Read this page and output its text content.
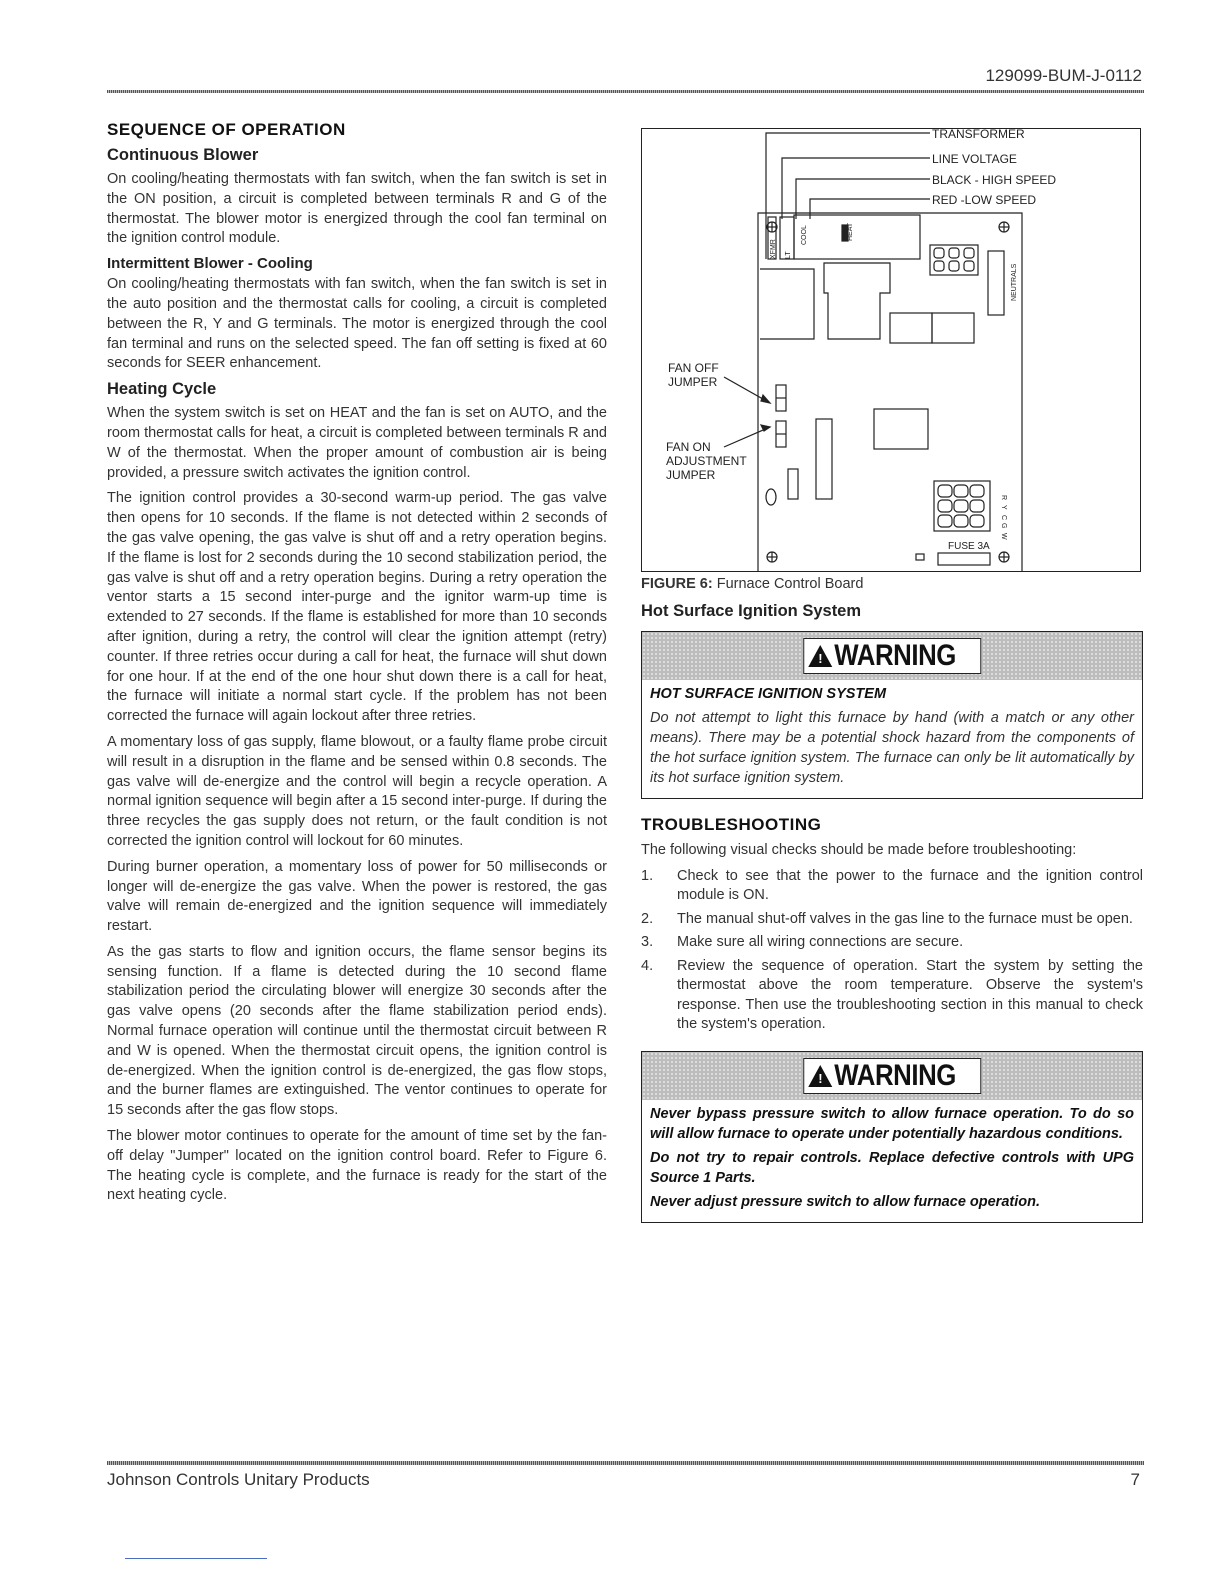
129099-BUM-J-0112
SEQUENCE OF OPERATION
Continuous Blower

On cooling/heating thermostats with fan switch, when the fan switch is set in the ON position, a circuit is completed between terminals R and G of the thermostat. The blower motor is energized through the cool fan terminal on the ignition control module.

Intermittent Blower - Cooling

On cooling/heating thermostats with fan switch, when the fan switch is set in the auto position and the thermostat calls for cooling, a circuit is completed between the R, Y and G terminals. The motor is energized through the cool fan terminal and runs on the selected speed. The fan off setting is fixed at 60 seconds for SEER enhancement.

Heating Cycle

When the system switch is set on HEAT and the fan is set on AUTO, and the room thermostat calls for heat, a circuit is completed between terminals R and W of the thermostat. When the proper amount of combustion air is being provided, a pressure switch activates the ignition control.

The ignition control provides a 30-second warm-up period. The gas valve then opens for 10 seconds. If the flame is not detected within 2 seconds of the gas valve opening, the gas valve is shut off and a retry operation begins. If the flame is lost for 2 seconds during the 10 second stabilization period, the gas valve is shut off and a retry operation begins. During a retry operation the ventor starts a 15 second inter-purge and the ignitor warm-up time is extended to 27 seconds. If the flame is established for more than 10 seconds after ignition, during a retry, the control will clear the ignition attempt (retry) counter. If three retries occur during a call for heat, the furnace will shut down for one hour. If at the end of the one hour shut down there is a call for heat, the furnace will initiate a normal start cycle. If the problem has not been corrected the furnace will again lockout after three retries.

A momentary loss of gas supply, flame blowout, or a faulty flame probe circuit will result in a disruption in the flame and be sensed within 0.8 seconds. The gas valve will de-energize and the control will begin a recycle operation. A normal ignition sequence will begin after a 15 second inter-purge. If during the three recycles the gas supply does not return, or the fault condition is not corrected the ignition control will lockout for 60 minutes.

During burner operation, a momentary loss of power for 50 milliseconds or longer will de-energize the gas valve. When the power is restored, the gas valve will remain de-energized and the ignition sequence will immediately restart.

As the gas starts to flow and ignition occurs, the flame sensor begins its sensing function. If a flame is detected during the 10 second flame stabilization period the circulating blower will energize 30 seconds after the gas valve opens (20 seconds after the flame stabilization period ends). Normal furnace operation will continue until the thermostat circuit between R and W is opened. When the thermostat circuit opens, the ignition control is de-energized. When the ignition control is de-energized, the gas flow stops, and the burner flames are extinguished. The ventor continues to operate for 15 seconds after the gas flow stops.

The blower motor continues to operate for the amount of time set by the fan-off delay "Jumper" located on the ignition control board. Refer to Figure 6. The heating cycle is complete, and the furnace is ready for the start of the next heating cycle.

TRANSFORMER
LINE VOLTAGE
BLACK - HIGH SPEED
RED -LOW SPEED
FAN OFF
JUMPER
FAN ON
ADJUSTMENT
JUMPER
FUSE 3A
XFMR LT
COOL	HEAT
NEUTRALS
R
Y
C
G
W
FIGURE 6: Furnace Control Board
Hot Surface Ignition System
! WARNING

HOT SURFACE IGNITION SYSTEM

Do not attempt to light this furnace by hand (with a match or any other means). There may be a potential shock hazard from the components of the hot surface ignition system. The furnace can only be lit automatically by its hot surface ignition system.

TROUBLESHOOTING

The following visual checks should be made before troubleshooting:

1. Check to see that the power to the furnace and the ignition control module is ON.
2. The manual shut-off valves in the gas line to the furnace must be open.
3. Make sure all wiring connections are secure.
4. Review the sequence of operation. Start the system by setting the thermostat above the room temperature. Observe the system's response. Then use the troubleshooting section in this manual to check the system's operation.
! WARNING

Never bypass pressure switch to allow furnace operation. To do so will allow furnace to operate under potentially hazardous conditions.

Do not try to repair controls. Replace defective controls with UPG Source 1 Parts.

Never adjust pressure switch to allow furnace operation.

Johnson Controls Unitary Products	7
